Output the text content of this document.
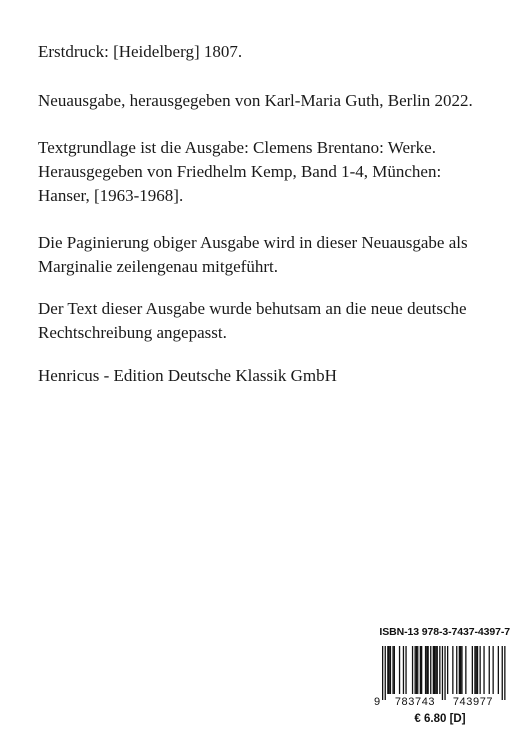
Erstdruck: [Heidelberg] 1807.
Neuausgabe, herausgegeben von Karl-Maria Guth, Berlin 2022.
Textgrundlage ist die Ausgabe: Clemens Brentano: Werke.
Herausgegeben von Friedhelm Kemp, Band 1-4, München:
Hanser, [1963-1968].
Die Paginierung obiger Ausgabe wird in dieser Neuausgabe als
Marginalie zeilengenau mitgeführt.
Der Text dieser Ausgabe wurde behutsam an die neue deutsche
Rechtschreibung angepasst.
Henricus - Edition Deutsche Klassik GmbH
ISBN-13 978-3-7437-4397-7
9 783743 743977
€ 6.80 [D]
